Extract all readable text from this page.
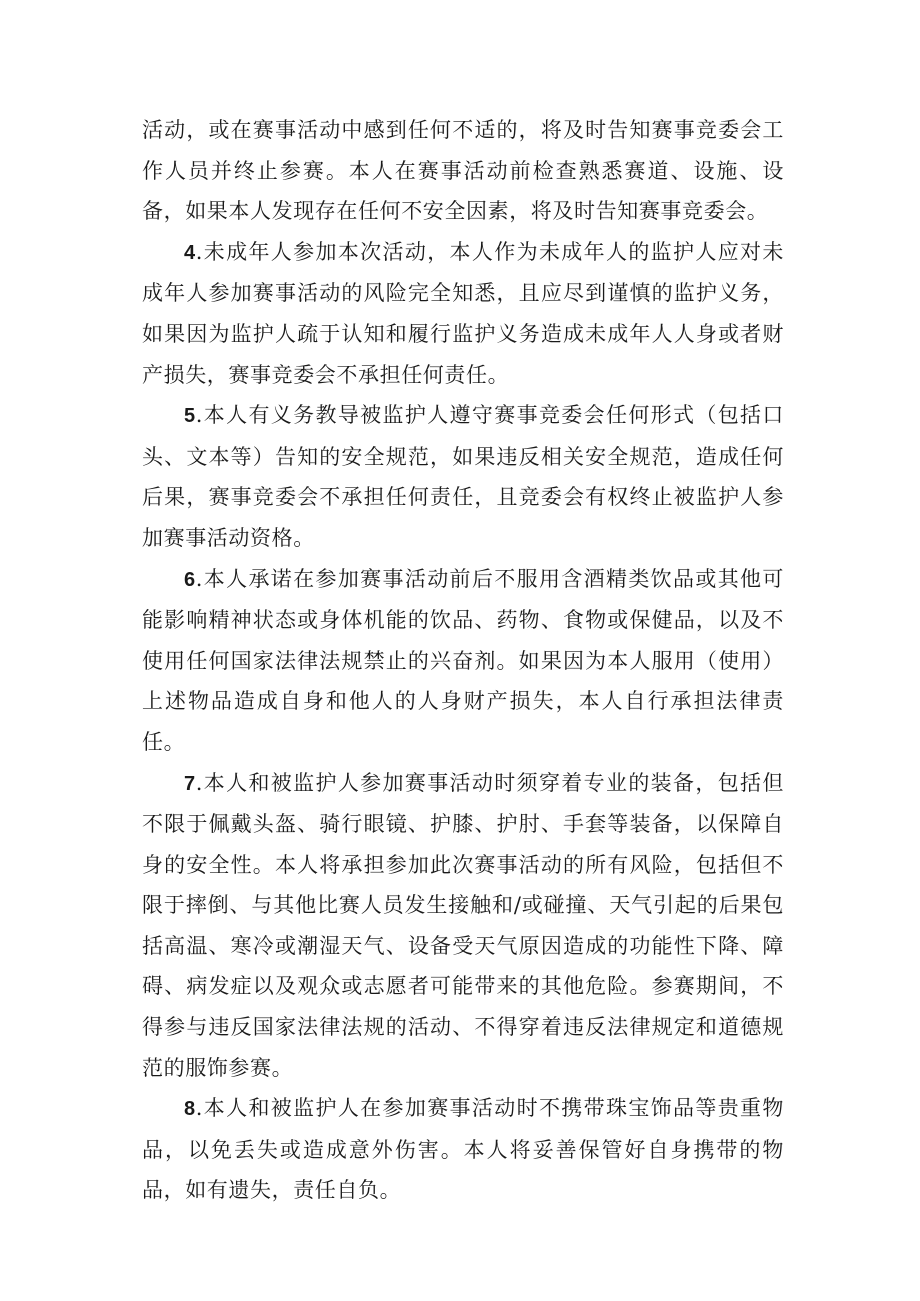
活动，或在赛事活动中感到任何不适的，将及时告知赛事竞委会工作人员并终止参赛。本人在赛事活动前检查熟悉赛道、设施、设备，如果本人发现存在任何不安全因素，将及时告知赛事竞委会。

4.未成年人参加本次活动，本人作为未成年人的监护人应对未成年人参加赛事活动的风险完全知悉，且应尽到谨慎的监护义务，如果因为监护人疏于认知和履行监护义务造成未成年人人身或者财产损失，赛事竞委会不承担任何责任。

5.本人有义务教导被监护人遵守赛事竞委会任何形式（包括口头、文本等）告知的安全规范，如果违反相关安全规范，造成任何后果，赛事竞委会不承担任何责任，且竞委会有权终止被监护人参加赛事活动资格。

6.本人承诺在参加赛事活动前后不服用含酒精类饮品或其他可能影响精神状态或身体机能的饮品、药物、食物或保健品，以及不使用任何国家法律法规禁止的兴奋剂。如果因为本人服用（使用）上述物品造成自身和他人的人身财产损失，本人自行承担法律责任。

7.本人和被监护人参加赛事活动时须穿着专业的装备，包括但不限于佩戴头盔、骑行眼镜、护膝、护肘、手套等装备，以保障自身的安全性。本人将承担参加此次赛事活动的所有风险，包括但不限于摔倒、与其他比赛人员发生接触和/或碰撞、天气引起的后果包括高温、寒冷或潮湿天气、设备受天气原因造成的功能性下降、障碍、病发症以及观众或志愿者可能带来的其他危险。参赛期间，不得参与违反国家法律法规的活动、不得穿着违反法律规定和道德规范的服饰参赛。

8.本人和被监护人在参加赛事活动时不携带珠宝饰品等贵重物品，以免丢失或造成意外伤害。本人将妥善保管好自身携带的物品，如有遗失，责任自负。
